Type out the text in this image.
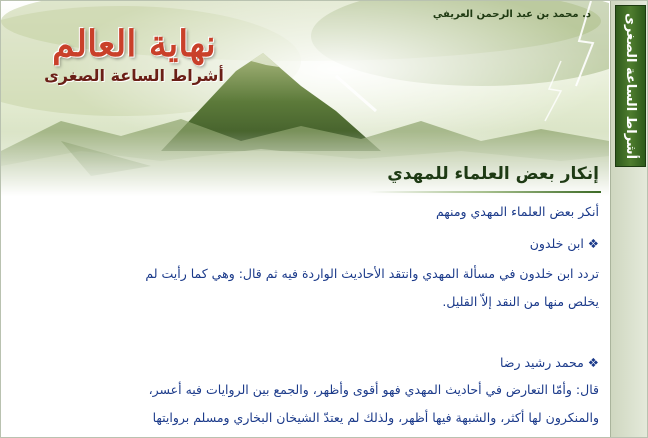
د. محمد بن عبد الرحمن العريفي
نهاية العالم
أشراط الساعة الصغرى	أشراط الساعة الصغرى
إنكار بعض العلماء للمهدي
أنكر بعض العلماء المهدي ومنهم
❖ ابن خلدون
تردد ابن خلدون في مسألة المهدي وانتقد الأحاديث الواردة فيه ثم قال: وهي كما رأيت لم
يخلص منها من النقد إلاّ القليل.
❖ محمد رشيد رضا
قال: وأمّا التعارض في أحاديث المهدي فهو أقوى وأظهر، والجمع بين الروايات فيه أعسر،
والمنكرون لها أكثر، والشبهة فيها أظهر، ولذلك لم يعتدّ الشيخان البخاري ومسلم بروايتها
